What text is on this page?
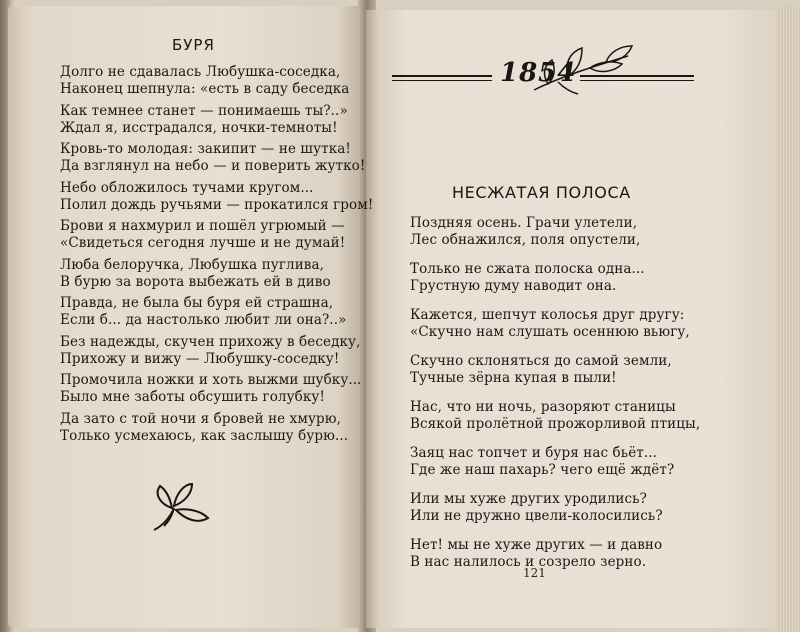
БУРЯ
Долго не сдавалась Любушка-соседка,
Наконец шепнула: «есть в саду беседка
Как темнее станет — понимаешь ты?..»
Ждал я, исстрадался, ночки-темноты!
Кровь-то молодая: закипит — не шутка!
Да взглянул на небо — и поверить жутко!
Небо обложилось тучами кругом...
Полил дождь ручьями — прокатился гром!
Брови я нахмурил и пошёл угрюмый —
«Свидеться сегодня лучше и не думай!
Люба белоручка, Любушка пуглива,
В бурю за ворота выбежать ей в диво
Правда, не была бы буря ей страшна,
Если б... да настолько любит ли она?..»
Без надежды, скучен прихожу в беседку,
Прихожу и вижу — Любушку-соседку!
Промочила ножки и хоть выжми шубку...
Было мне заботы обсушить голубку!
Да зато с той ночи я бровей не хмурю,
Только усмехаюсь, как заслышу бурю...
1854
НЕСЖАТАЯ ПОЛОСА
Поздняя осень. Грачи улетели,
Лес обнажился, поля опустели,
Только не сжата полоска одна...
Грустную думу наводит она.
Кажется, шепчут колосья друг другу:
«Скучно нам слушать осеннюю вьюгу,
Скучно склоняться до самой земли,
Тучные зёрна купая в пыли!
Нас, что ни ночь, разоряют станицы
Всякой пролётной прожорливой птицы,
Заяц нас топчет и буря нас бьёт...
Где же наш пахарь? чего ещё ждёт?
Или мы хуже других уродились?
Или не дружно цвели-колосились?
Нет! мы не хуже других — и давно
В нас налилось и созрело зерно.
121
